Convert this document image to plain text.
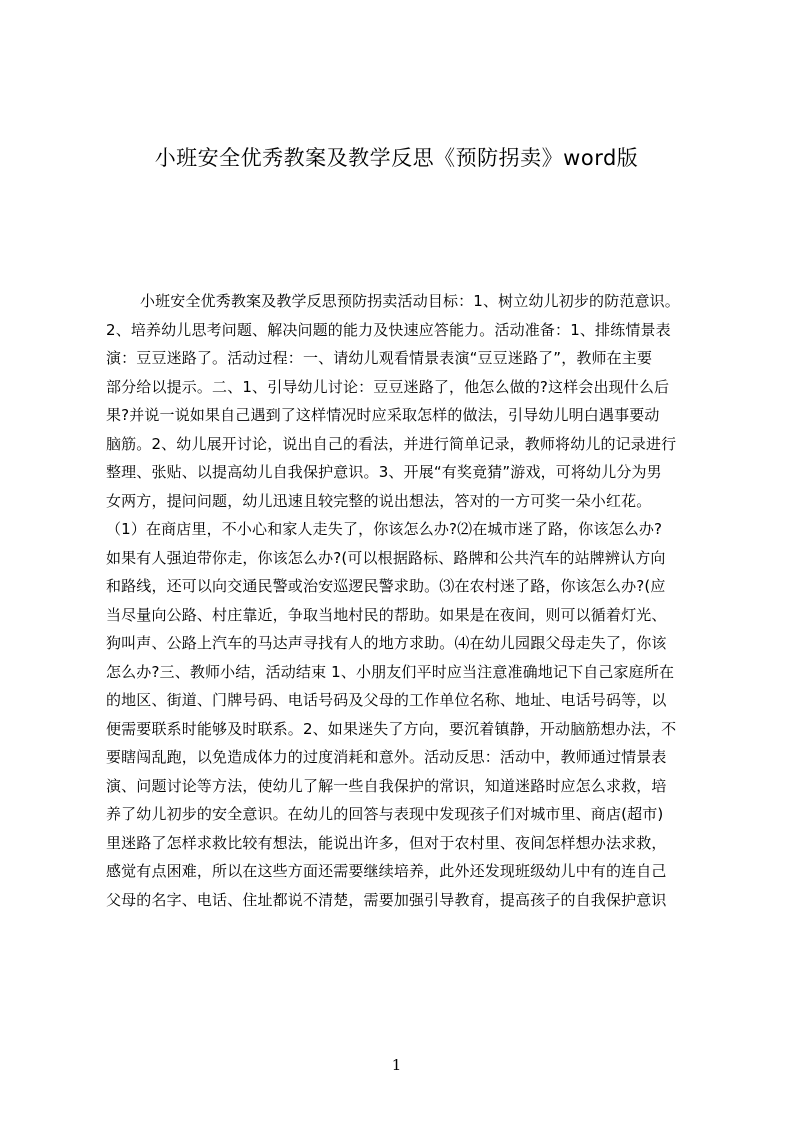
小班安全优秀教案及教学反思《预防拐卖》word版
小班安全优秀教案及教学反思预防拐卖活动目标：1、树立幼儿初步的防范意识。
2、培养幼儿思考问题、解决问题的能力及快速应答能力。活动准备：1、排练情景表
演：豆豆迷路了。活动过程：一、请幼儿观看情景表演“豆豆迷路了”，教师在主要
部分给以提示。二、1、引导幼儿讨论：豆豆迷路了，他怎么做的?这样会出现什么后
果?并说一说如果自己遇到了这样情况时应采取怎样的做法，引导幼儿明白遇事要动
脑筋。2、幼儿展开讨论，说出自己的看法，并进行简单记录，教师将幼儿的记录进行
整理、张贴、以提高幼儿自我保护意识。3、开展“有奖竟猜”游戏，可将幼儿分为男
女两方，提问问题，幼儿迅速且较完整的说出想法，答对的一方可奖一朵小红花。
（1）在商店里，不小心和家人走失了，你该怎么办?⑵在城市迷了路，你该怎么办?
如果有人强迫带你走，你该怎么办?(可以根据路标、路牌和公共汽车的站牌辨认方向
和路线，还可以向交通民警或治安巡逻民警求助。⑶在农村迷了路，你该怎么办?(应
当尽量向公路、村庄靠近，争取当地村民的帮助。如果是在夜间，则可以循着灯光、
狗叫声、公路上汽车的马达声寻找有人的地方求助。⑷在幼儿园跟父母走失了，你该
怎么办?三、教师小结，活动结束 1、小朋友们平时应当注意准确地记下自己家庭所在
的地区、街道、门牌号码、电话号码及父母的工作单位名称、地址、电话号码等，以
便需要联系时能够及时联系。2、如果迷失了方向，要沉着镇静，开动脑筋想办法，不
要瞎闯乱跑，以免造成体力的过度消耗和意外。活动反思：活动中，教师通过情景表
演、问题讨论等方法，使幼儿了解一些自我保护的常识，知道迷路时应怎么求救，培
养了幼儿初步的安全意识。在幼儿的回答与表现中发现孩子们对城市里、商店(超市)
里迷路了怎样求救比较有想法，能说出许多，但对于农村里、夜间怎样想办法求救，
感觉有点困难，所以在这些方面还需要继续培养，此外还发现班级幼儿中有的连自己
父母的名字、电话、住址都说不清楚，需要加强引导教育，提高孩子的自我保护意识
1
